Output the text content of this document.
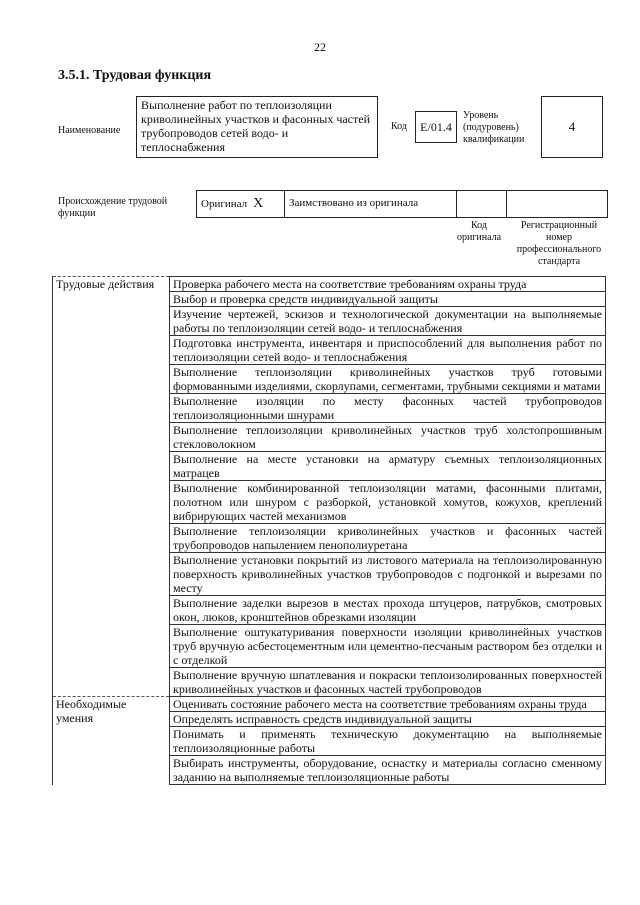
22
3.5.1. Трудовая функция
Наименование
Выполнение работ по теплоизоляции криволинейных участков и фасонных частей трубопроводов сетей водо- и теплоснабжения
Код	E/01.4
Уровень
(подуровень)
квалификации
4
Происхождение трудовой функции
Оригинал X	Заимствовано из оригинала
Код
оригинала
Регистрационный
номер
профессионального
стандарта
Трудовые действия	Проверка рабочего места на соответствие требованиям охраны труда
	Выбор и проверка средств индивидуальной защиты
	Изучение чертежей, эскизов и технологической документации на выполняемые работы по теплоизоляции сетей водо- и теплоснабжения
	Подготовка инструмента, инвентаря и приспособлений для выполнения работ по теплоизоляции сетей водо- и теплоснабжения
	Выполнение теплоизоляции криволинейных участков труб готовыми формованными изделиями, скорлупами, сегментами, трубными секциями и матами
	Выполнение изоляции по месту фасонных частей трубопроводов теплоизоляционными шнурами
	Выполнение теплоизоляции криволинейных участков труб холстопрошивным стекловолокном
	Выполнение на месте установки на арматуру съемных теплоизоляционных матрацев
	Выполнение комбинированной теплоизоляции матами, фасонными плитами, полотном или шнуром с разборкой, установкой хомутов, кожухов, креплений вибрирующих частей механизмов
	Выполнение теплоизоляции криволинейных участков и фасонных частей трубопроводов напылением пенополиуретана
	Выполнение установки покрытий из листового материала на теплоизолированную поверхность криволинейных участков трубопроводов с подгонкой и вырезами по месту
	Выполнение заделки вырезов в местах прохода штуцеров, патрубков, смотровых окон, люков, кронштейнов обрезками изоляции
	Выполнение оштукатуривания поверхности изоляции криволинейных участков труб вручную асбестоцементным или цементно-песчаным раствором без отделки и с отделкой
	Выполнение вручную шпатлевания и покраски теплоизолированных поверхностей криволинейных участков и фасонных частей трубопроводов
Необходимые умения	Оценивать состояние рабочего места на соответствие требованиям охраны труда
	Определять исправность средств индивидуальной защиты
	Понимать и применять техническую документацию на выполняемые теплоизоляционные работы
	Выбирать инструменты, оборудование, оснастку и материалы согласно сменному заданию на выполняемые теплоизоляционные работы
